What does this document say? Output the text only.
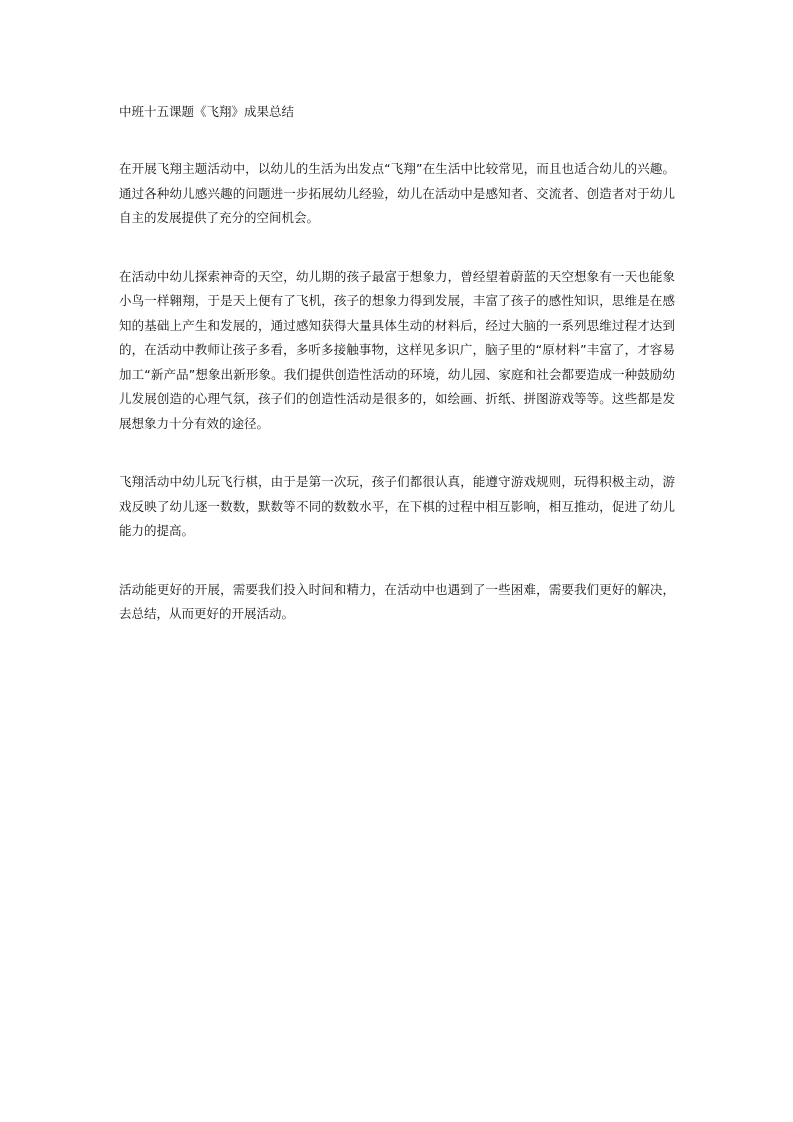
中班十五课题《飞翔》成果总结

在开展飞翔主题活动中，以幼儿的生活为出发点“飞翔”在生活中比较常见，而且也适合幼儿的兴趣。通过各种幼儿感兴趣的问题进一步拓展幼儿经验，幼儿在活动中是感知者、交流者、创造者对于幼儿自主的发展提供了充分的空间机会。

在活动中幼儿探索神奇的天空，幼儿期的孩子最富于想象力，曾经望着蔚蓝的天空想象有一天也能象小鸟一样翱翔，于是天上便有了飞机，孩子的想象力得到发展，丰富了孩子的感性知识，思维是在感知的基础上产生和发展的，通过感知获得大量具体生动的材料后，经过大脑的一系列思维过程才达到的，在活动中教师让孩子多看，多听多接触事物，这样见多识广，脑子里的“原材料”丰富了，才容易加工“新产品”想象出新形象。我们提供创造性活动的环境，幼儿园、家庭和社会都要造成一种鼓励幼儿发展创造的心理气氛，孩子们的创造性活动是很多的，如绘画、折纸、拼图游戏等等。这些都是发展想象力十分有效的途径。

飞翔活动中幼儿玩飞行棋，由于是第一次玩，孩子们都很认真，能遵守游戏规则，玩得积极主动，游戏反映了幼儿逐一数数，默数等不同的数数水平，在下棋的过程中相互影响，相互推动，促进了幼儿能力的提高。

活动能更好的开展，需要我们投入时间和精力，在活动中也遇到了一些困难，需要我们更好的解决，去总结，从而更好的开展活动。
